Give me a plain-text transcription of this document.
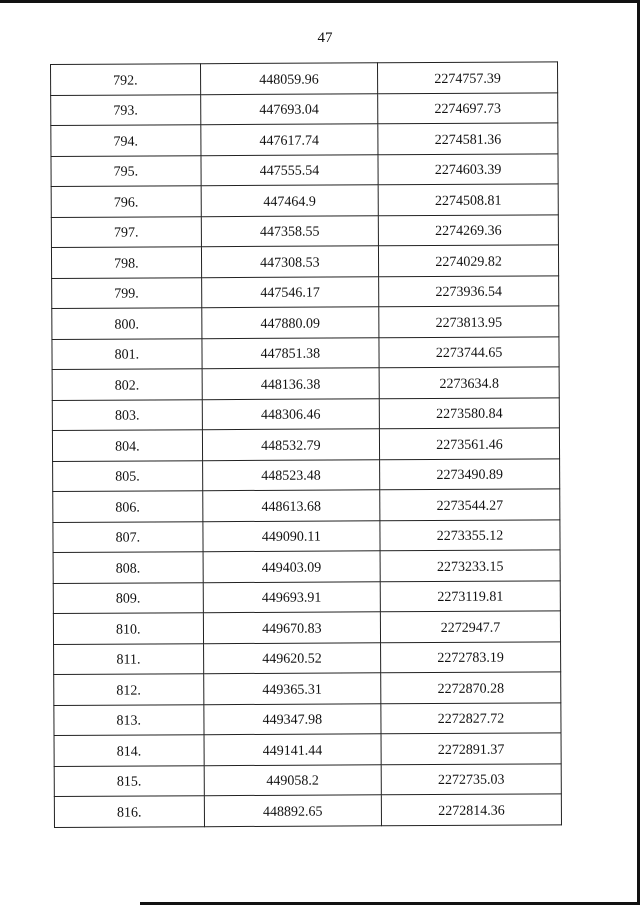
47
792.	448059.96	2274757.39
793.	447693.04	2274697.73
794.	447617.74	2274581.36
795.	447555.54	2274603.39
796.	447464.9	2274508.81
797.	447358.55	2274269.36
798.	447308.53	2274029.82
799.	447546.17	2273936.54
800.	447880.09	2273813.95
801.	447851.38	2273744.65
802.	448136.38	2273634.8
803.	448306.46	2273580.84
804.	448532.79	2273561.46
805.	448523.48	2273490.89
806.	448613.68	2273544.27
807.	449090.11	2273355.12
808.	449403.09	2273233.15
809.	449693.91	2273119.81
810.	449670.83	2272947.7
811.	449620.52	2272783.19
812.	449365.31	2272870.28
813.	449347.98	2272827.72
814.	449141.44	2272891.37
815.	449058.2	2272735.03
816.	448892.65	2272814.36
